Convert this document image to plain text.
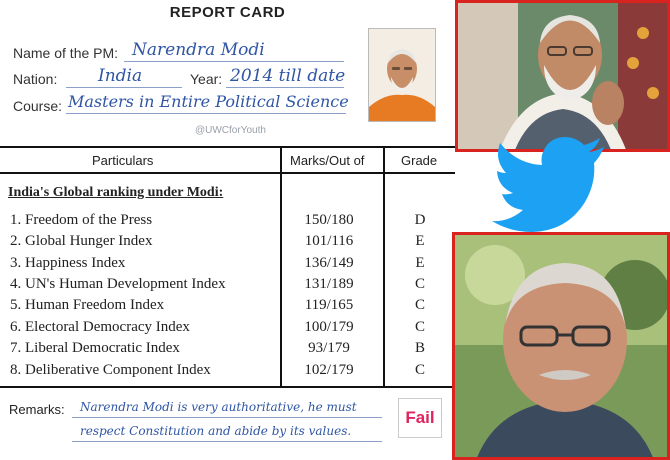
REPORT CARD
Name of the PM: Narendra Modi
Nation: India	Year: 2014 till date
Course: Masters in Entire Political Science
@UWCforYouth
Particulars	Marks/Out of	Grade
India's Global ranking under Modi:
1. Freedom of the Press	150/180	D
2. Global Hunger Index	101/116	E
3. Happiness Index	136/149	E
4. UN's Human Development Index	131/189	C
5. Human Freedom Index	119/165	C
6. Electoral Democracy Index	100/179	C
7. Liberal Democratic Index	93/179	B
8. Deliberative Component Index	102/179	C
Remarks: Narendra Modi is very authoritative, he must
respect Constitution and abide by its values.
Fail
